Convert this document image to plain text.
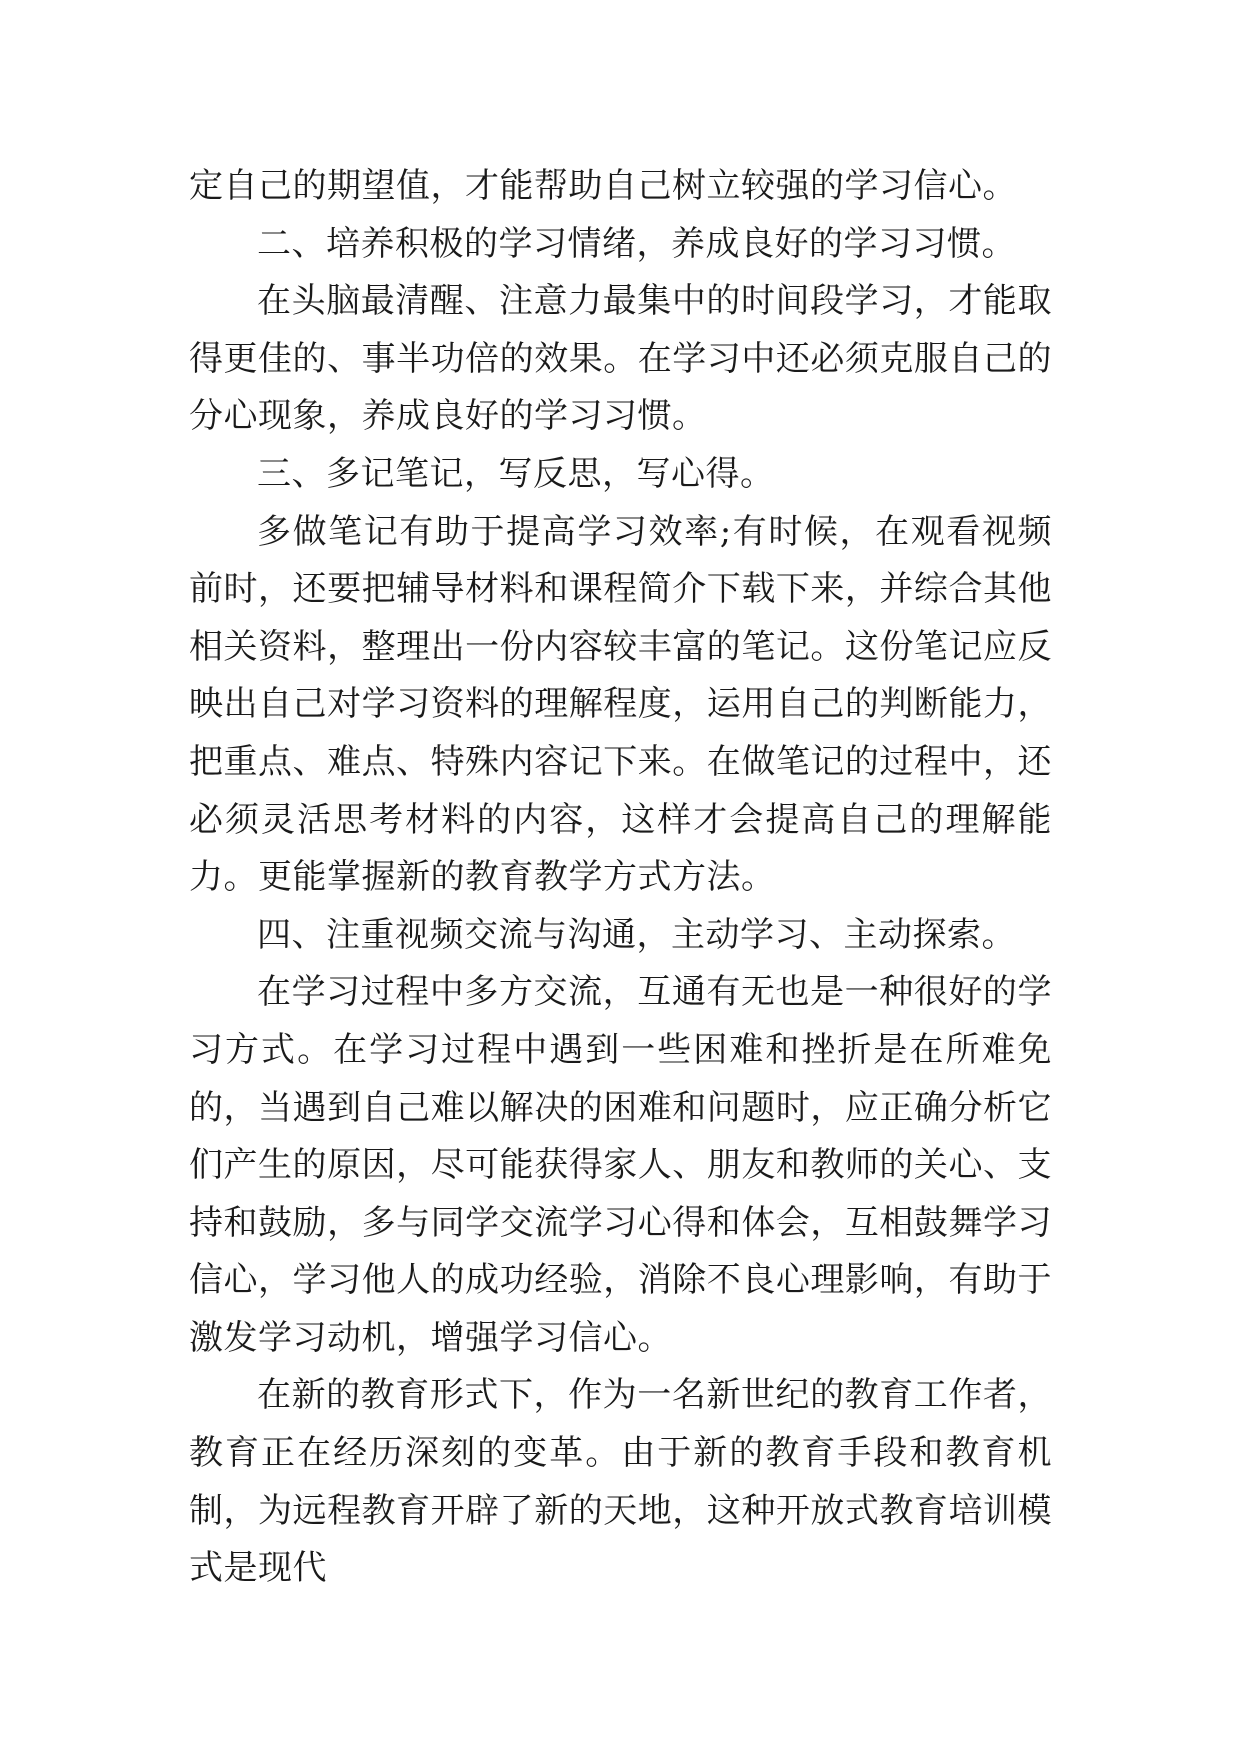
定自己的期望值，才能帮助自己树立较强的学习信心。

二、培养积极的学习情绪，养成良好的学习习惯。

在头脑最清醒、注意力最集中的时间段学习，才能取得更佳的、事半功倍的效果。在学习中还必须克服自己的分心现象，养成良好的学习习惯。

三、多记笔记，写反思，写心得。

多做笔记有助于提高学习效率;有时候，在观看视频前时，还要把辅导材料和课程简介下载下来，并综合其他相关资料，整理出一份内容较丰富的笔记。这份笔记应反映出自己对学习资料的理解程度，运用自己的判断能力，把重点、难点、特殊内容记下来。在做笔记的过程中，还必须灵活思考材料的内容，这样才会提高自己的理解能力。更能掌握新的教育教学方式方法。

四、注重视频交流与沟通，主动学习、主动探索。

在学习过程中多方交流，互通有无也是一种很好的学习方式。在学习过程中遇到一些困难和挫折是在所难免的，当遇到自己难以解决的困难和问题时，应正确分析它们产生的原因，尽可能获得家人、朋友和教师的关心、支持和鼓励，多与同学交流学习心得和体会，互相鼓舞学习信心，学习他人的成功经验，消除不良心理影响，有助于激发学习动机，增强学习信心。

在新的教育形式下，作为一名新世纪的教育工作者，教育正在经历深刻的变革。由于新的教育手段和教育机制，为远程教育开辟了新的天地，这种开放式教育培训模式是现代
